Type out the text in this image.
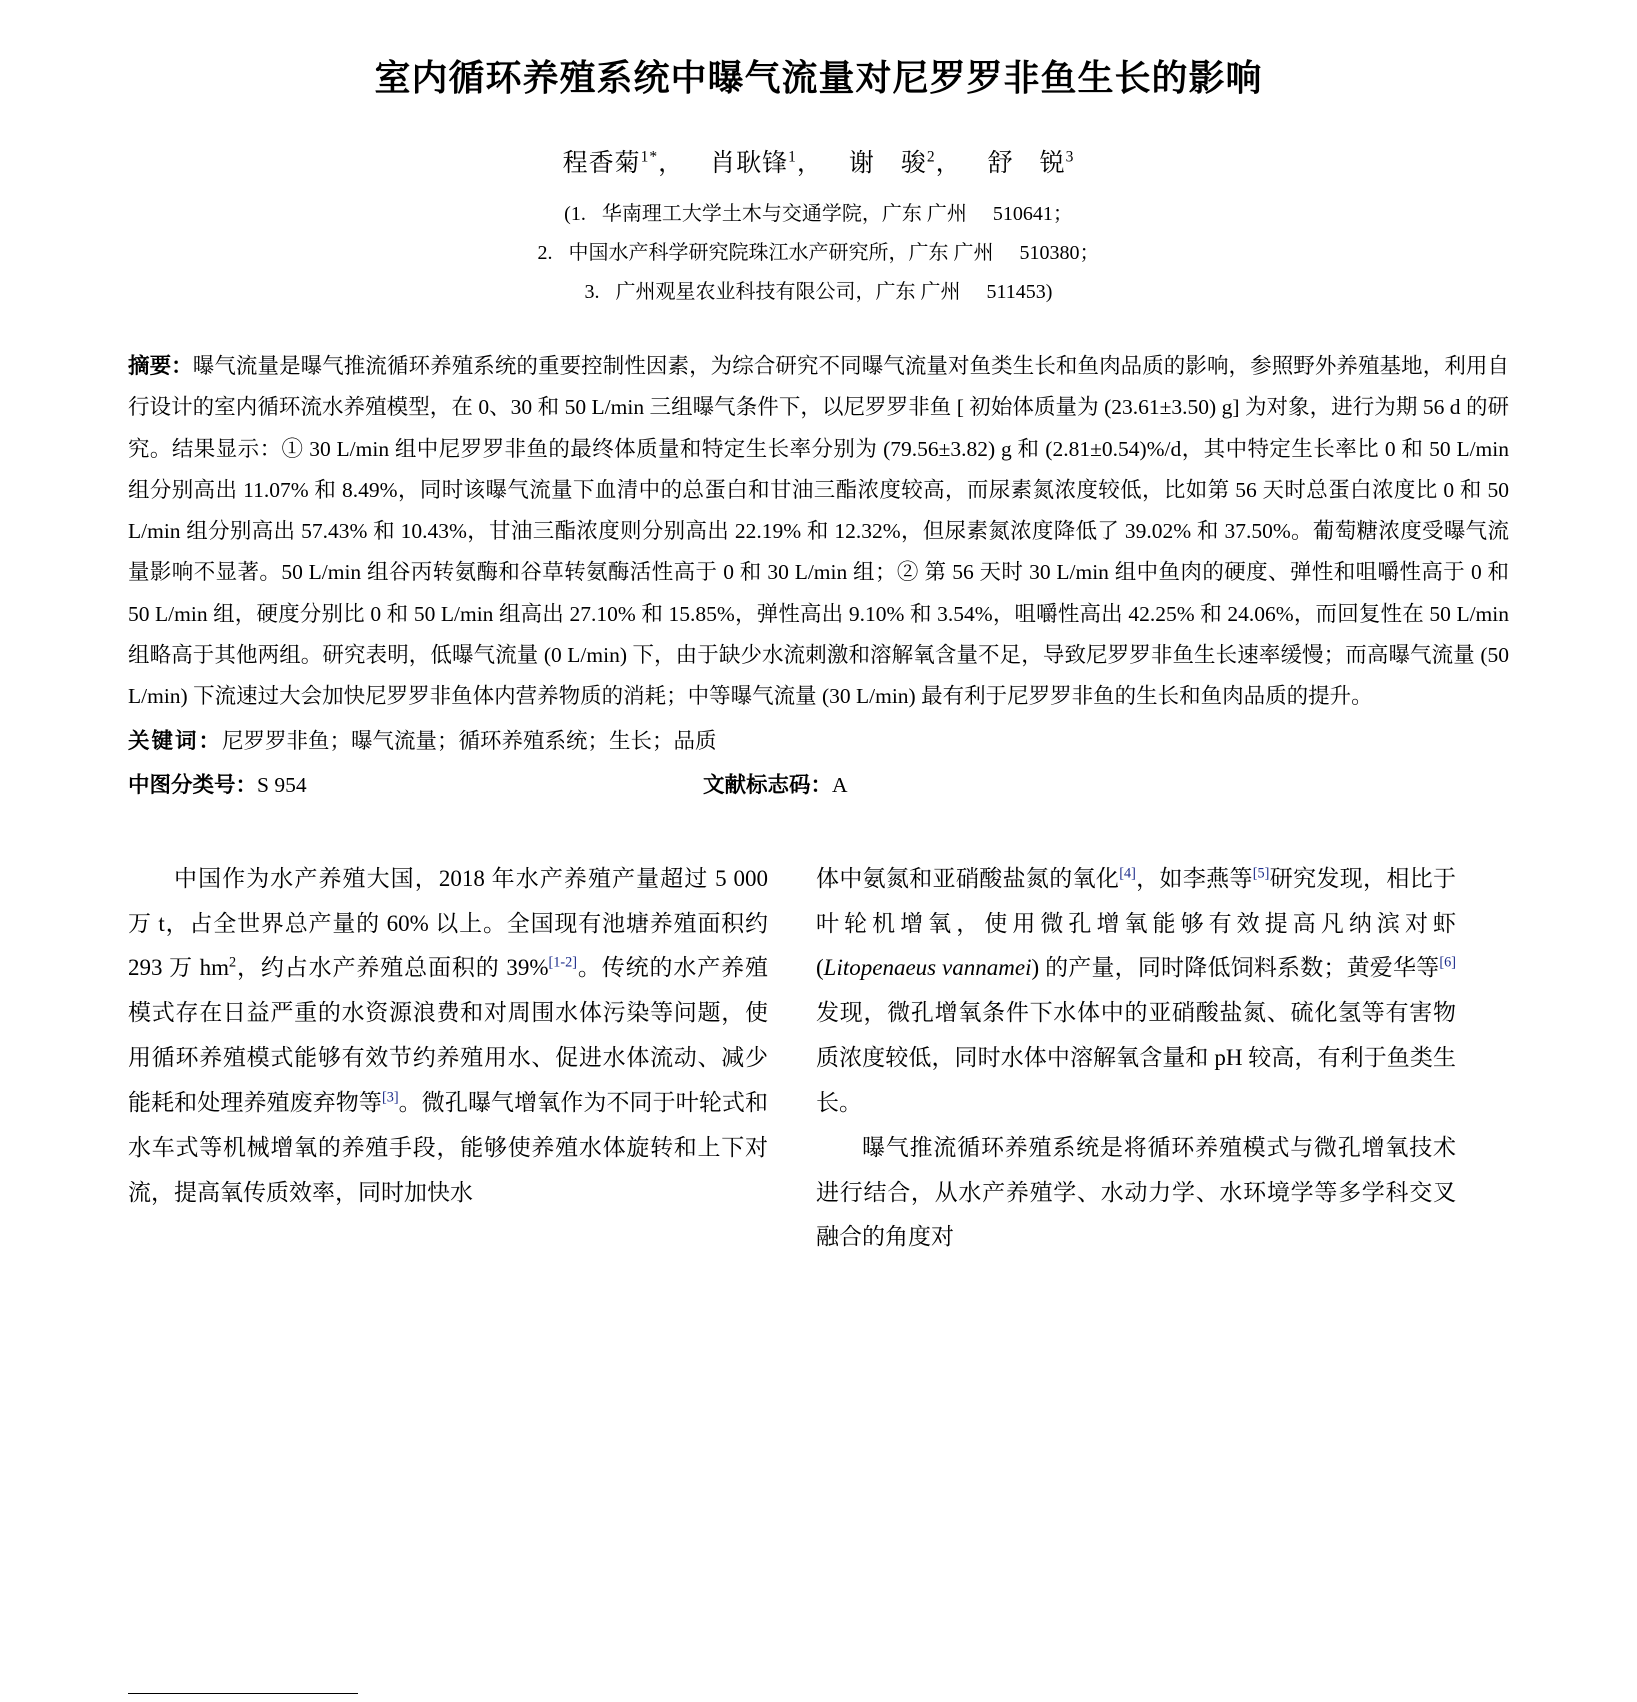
室内循环养殖系统中曝气流量对尼罗罗非鱼生长的影响
程香菊$^{1*}$， 肖耿锋$^1$， 谢　骏$^2$， 舒　锐$^3$
(1. 华南理工大学土木与交通学院，广东 广州 510641；
2. 中国水产科学研究院珠江水产研究所，广东 广州 510380；
3. 广州观星农业科技有限公司，广东 广州 511453)
摘要：曝气流量是曝气推流循环养殖系统的重要控制性因素，为综合研究不同曝气流量对鱼类生长和鱼肉品质的影响，参照野外养殖基地，利用自行设计的室内循环流水养殖模型，在 0、30 和 50 L/min 三组曝气条件下，以尼罗罗非鱼 [ 初始体质量为 (23.61±3.50) g] 为对象，进行为期 56 d 的研究。结果显示：① 30 L/min 组中尼罗罗非鱼的最终体质量和特定生长率分别为 (79.56±3.82) g 和 (2.81±0.54)%/d，其中特定生长率比 0 和 50 L/min 组分别高出 11.07% 和 8.49%，同时该曝气流量下血清中的总蛋白和甘油三酯浓度较高，而尿素氮浓度较低，比如第 56 天时总蛋白浓度比 0 和 50 L/min 组分别高出 57.43% 和 10.43%，甘油三酯浓度则分别高出 22.19% 和 12.32%，但尿素氮浓度降低了 39.02% 和 37.50%。葡萄糖浓度受曝气流量影响不显著。50 L/min 组谷丙转氨酶和谷草转氨酶活性高于 0 和 30 L/min 组；② 第 56 天时 30 L/min 组中鱼肉的硬度、弹性和咀嚼性高于 0 和 50 L/min 组，硬度分别比 0 和 50 L/min 组高出 27.10% 和 15.85%，弹性高出 9.10% 和 3.54%，咀嚼性高出 42.25% 和 24.06%，而回复性在 50 L/min 组略高于其他两组。研究表明，低曝气流量 (0 L/min) 下，由于缺少水流刺激和溶解氧含量不足，导致尼罗罗非鱼生长速率缓慢；而高曝气流量 (50 L/min) 下流速过大会加快尼罗罗非鱼体内营养物质的消耗；中等曝气流量 (30 L/min) 最有利于尼罗罗非鱼的生长和鱼肉品质的提升。
关键词：尼罗罗非鱼；曝气流量；循环养殖系统；生长；品质
中图分类号：S 954	文献标志码：A

中国作为水产养殖大国，2018 年水产养殖产量超过 5 000 万 t，占全世界总产量的 60% 以上。全国现有池塘养殖面积约 293 万 $hm^2$，约占水产养殖总面积的 39%[1-2]。传统的水产养殖模式存在日益严重的水资源浪费和对周围水体污染等问题，使用循环养殖模式能够有效节约养殖用水、促进水体流动、减少能耗和处理养殖废弃物等[3]。微孔曝气增氧作为不同于叶轮式和水车式等机械增氧的养殖手段，能够使养殖水体旋转和上下对流，提高氧传质效率，同时加快水

体中氨氮和亚硝酸盐氮的氧化[4]，如李燕等[5]研究发现，相比于叶轮机增氧，使用微孔增氧能够有效提高凡纳滨对虾 (Litopenaeus vannamei) 的产量，同时降低饲料系数；黄爱华等[6]发现，微孔增氧条件下水体中的亚硝酸盐氮、硫化氢等有害物质浓度较低，同时水体中溶解氧含量和 pH 较高，有利于鱼类生长。

曝气推流循环养殖系统是将循环养殖模式与微孔增氧技术进行结合，从水产养殖学、水动力学、水环境学等多学科交叉融合的角度对
